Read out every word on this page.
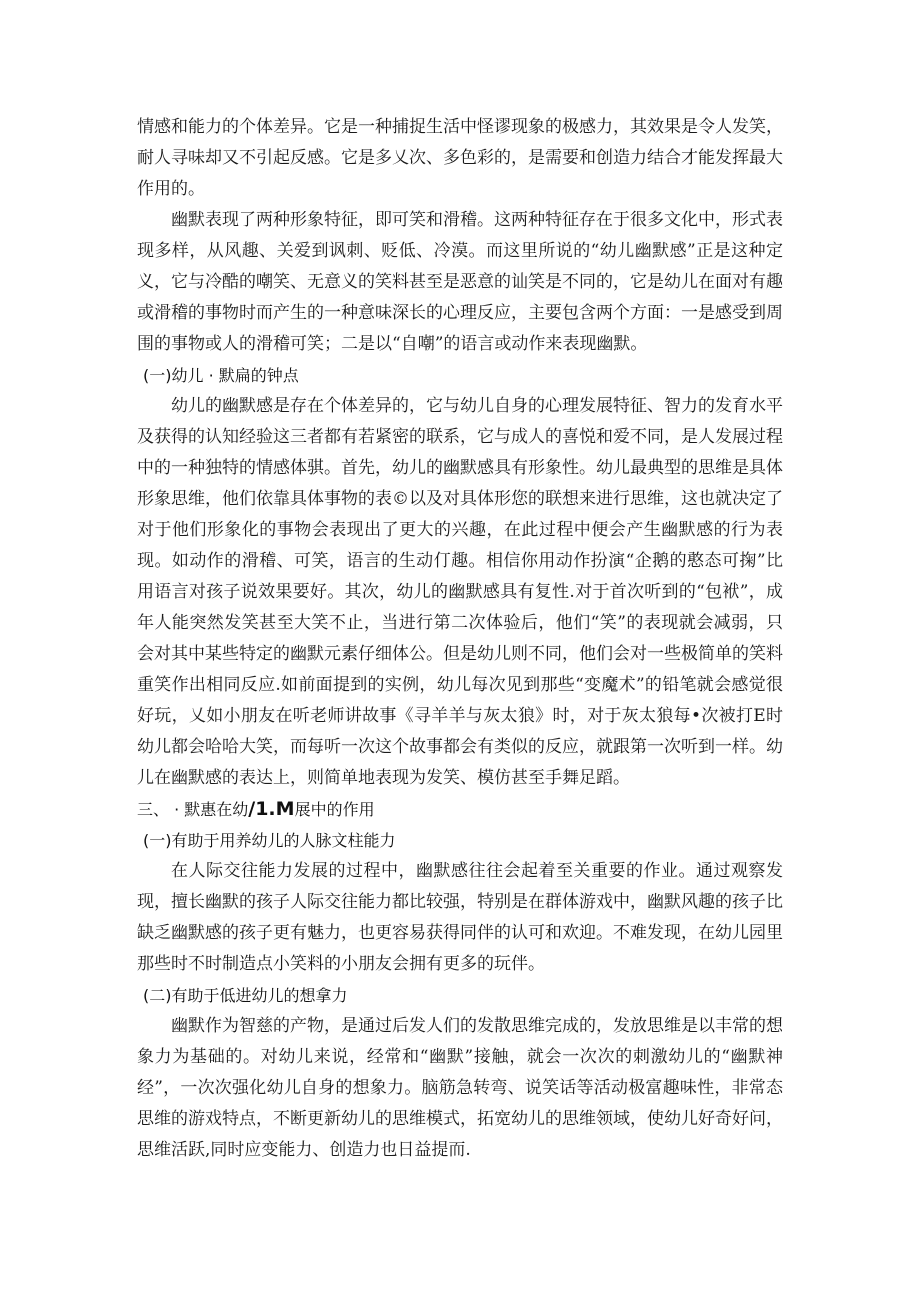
情感和能力的个体差异。它是一种捕捉生活中怪谬现象的极感力，其效果是令人发笑，耐人寻味却又不引起反感。它是多乂次、多色彩的，是需要和创造力结合才能发挥最大作用的。

幽默表现了两种形象特征，即可笑和滑稽。这两种特征存在于很多文化中，形式表现多样，从风趣、关爱到讽刺、贬低、冷漠。而这里所说的“幼儿幽默感”正是这种定义，它与冷酷的嘲笑、无意义的笑料甚至是恶意的讪笑是不同的，它是幼儿在面对有趣或滑稽的事物时而产生的一种意味深长的心理反应，主要包含两个方面：一是感受到周围的事物或人的滑稽可笑；二是以“自嘲”的语言或动作来表现幽默。

(一)幼儿 · 默扁的钟点

幼儿的幽默感是存在个体差异的，它与幼儿自身的心理发展特征、智力的发育水平及获得的认知经验这三者都有若紧密的联系，它与成人的喜悦和爱不同，是人发展过程中的一种独特的情感体骐。首先，幼儿的幽默感具有形象性。幼儿最典型的思维是具体形象思维，他们依靠具体事物的表©以及对具体形您的联想来进行思维，这也就决定了对于他们形象化的事物会表现出了更大的兴趣，在此过程中便会产生幽默感的行为表现。如动作的滑稽、可笑，语言的生动仃趣。相信你用动作扮演“企鹅的憨态可掬”比用语言对孩子说效果要好。其次，幼儿的幽默感具有复性.对于首次听到的“包袱”，成年人能突然发笑甚至大笑不止，当进行第二次体验后，他们“笑”的表现就会减弱，只会对其中某些特定的幽默元素仔细体公。但是幼儿则不同，他们会对一些极简单的笑料重笑作出相同反应.如前面提到的实例，幼儿每次见到那些“变魔术”的铅笔就会感觉很好玩，乂如小朋友在听老师讲故事《寻羊羊与灰太狼》时，对于灰太狼每•次被打E时幼儿都会哈哈大笑，而每听一次这个故事都会有类似的反应，就跟第一次听到一样。幼儿在幽默感的表达上，则简单地表现为发笑、模仿甚至手舞足蹈。

三、 · 默惠在幼/1.M展中的作用

(一)有助于用养幼儿的人脉文柱能力

在人际交往能力发展的过程中，幽默感往往会起着至关重要的作业。通过观察发现，擅长幽默的孩子人际交往能力都比较强，特别是在群体游戏中，幽默风趣的孩子比缺乏幽默感的孩子更有魅力，也更容易获得同伴的认可和欢迎。不难发现，在幼儿园里那些时不时制造点小笑料的小朋友会拥有更多的玩伴。

(二)有助于低进幼儿的想拿力

幽默作为智慈的产物，是通过后发人们的发散思维完成的，发放思维是以丰常的想象力为基础的。对幼儿来说，经常和“幽默”接触，就会一次次的刺激幼儿的“幽默神经”，一次次强化幼儿自身的想象力。脑筋急转弯、说笑话等活动极富趣味性，非常态思维的游戏特点，不断更新幼儿的思维模式，拓宽幼儿的思维领域，使幼儿好奇好问，思维活跃,同时应变能力、创造力也日益提而.
